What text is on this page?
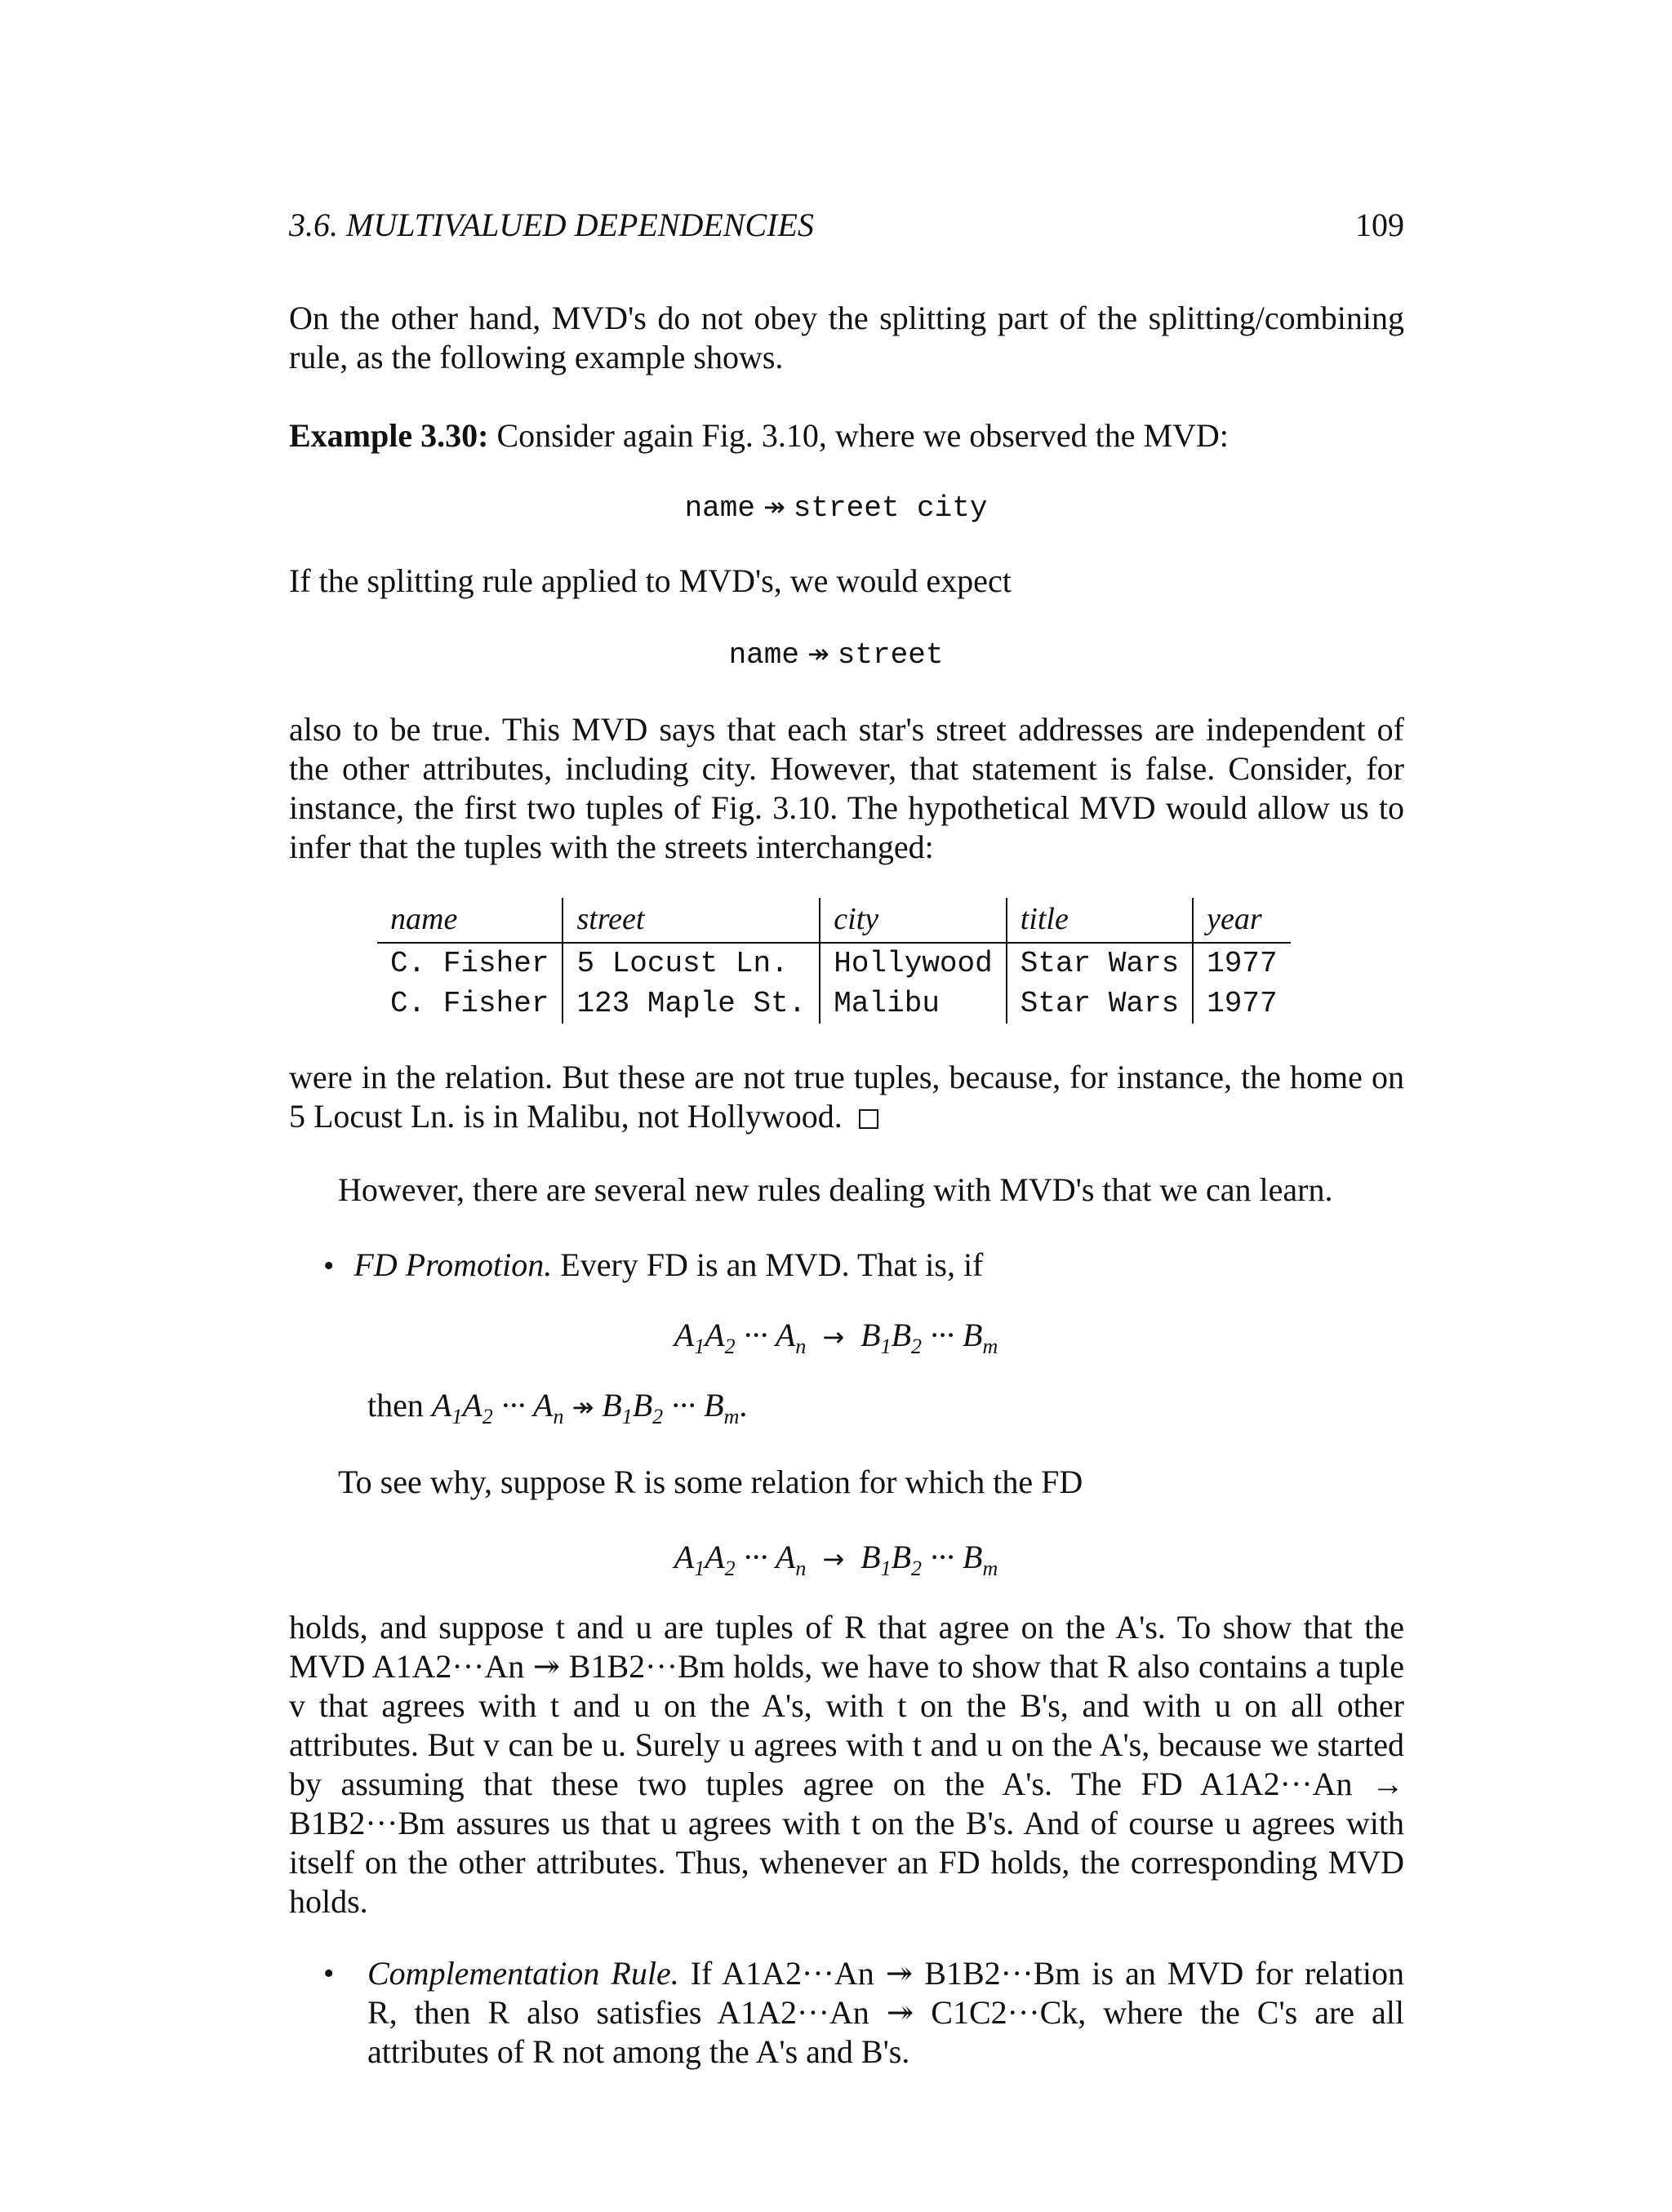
3.6. MULTIVALUED DEPENDENCIES	109
On the other hand, MVD's do not obey the splitting part of the splitting/combining rule, as the following example shows.
Example 3.30: Consider again Fig. 3.10, where we observed the MVD:
name ↠ street city
If the splitting rule applied to MVD's, we would expect
name ↠ street
also to be true. This MVD says that each star's street addresses are independent of the other attributes, including city. However, that statement is false. Consider, for instance, the first two tuples of Fig. 3.10. The hypothetical MVD would allow us to infer that the tuples with the streets interchanged:
name	street	city	title	year
C. Fisher	5 Locust Ln.	Hollywood	Star Wars	1977
C. Fisher	123 Maple St.	Malibu	Star Wars	1977
were in the relation. But these are not true tuples, because, for instance, the home on 5 Locust Ln. is in Malibu, not Hollywood.
However, there are several new rules dealing with MVD's that we can learn.
• FD Promotion. Every FD is an MVD. That is, if
$A_1A_2$ ··· $A_n \to B_1B_2$ ··· $B_m$
then $A_1A_2$ ··· $A_n$ ↠ $B_1B_2$ ··· $B_m$.
To see why, suppose R is some relation for which the FD
$A_1A_2$ ··· $A_n \to B_1B_2$ ··· $B_m$
holds, and suppose t and u are tuples of R that agree on the A's. To show that the MVD A1A2···An ↠ B1B2···Bm holds, we have to show that R also contains a tuple v that agrees with t and u on the A's, with t on the B's, and with u on all other attributes. But v can be u. Surely u agrees with t and u on the A's, because we started by assuming that these two tuples agree on the A's. The FD A1A2···An → B1B2···Bm assures us that u agrees with t on the B's. And of course u agrees with itself on the other attributes. Thus, whenever an FD holds, the corresponding MVD holds.
• Complementation Rule. If A1A2···An ↠ B1B2···Bm is an MVD for relation R, then R also satisfies A1A2···An ↠ C1C2···Ck, where the C's are all attributes of R not among the A's and B's.
